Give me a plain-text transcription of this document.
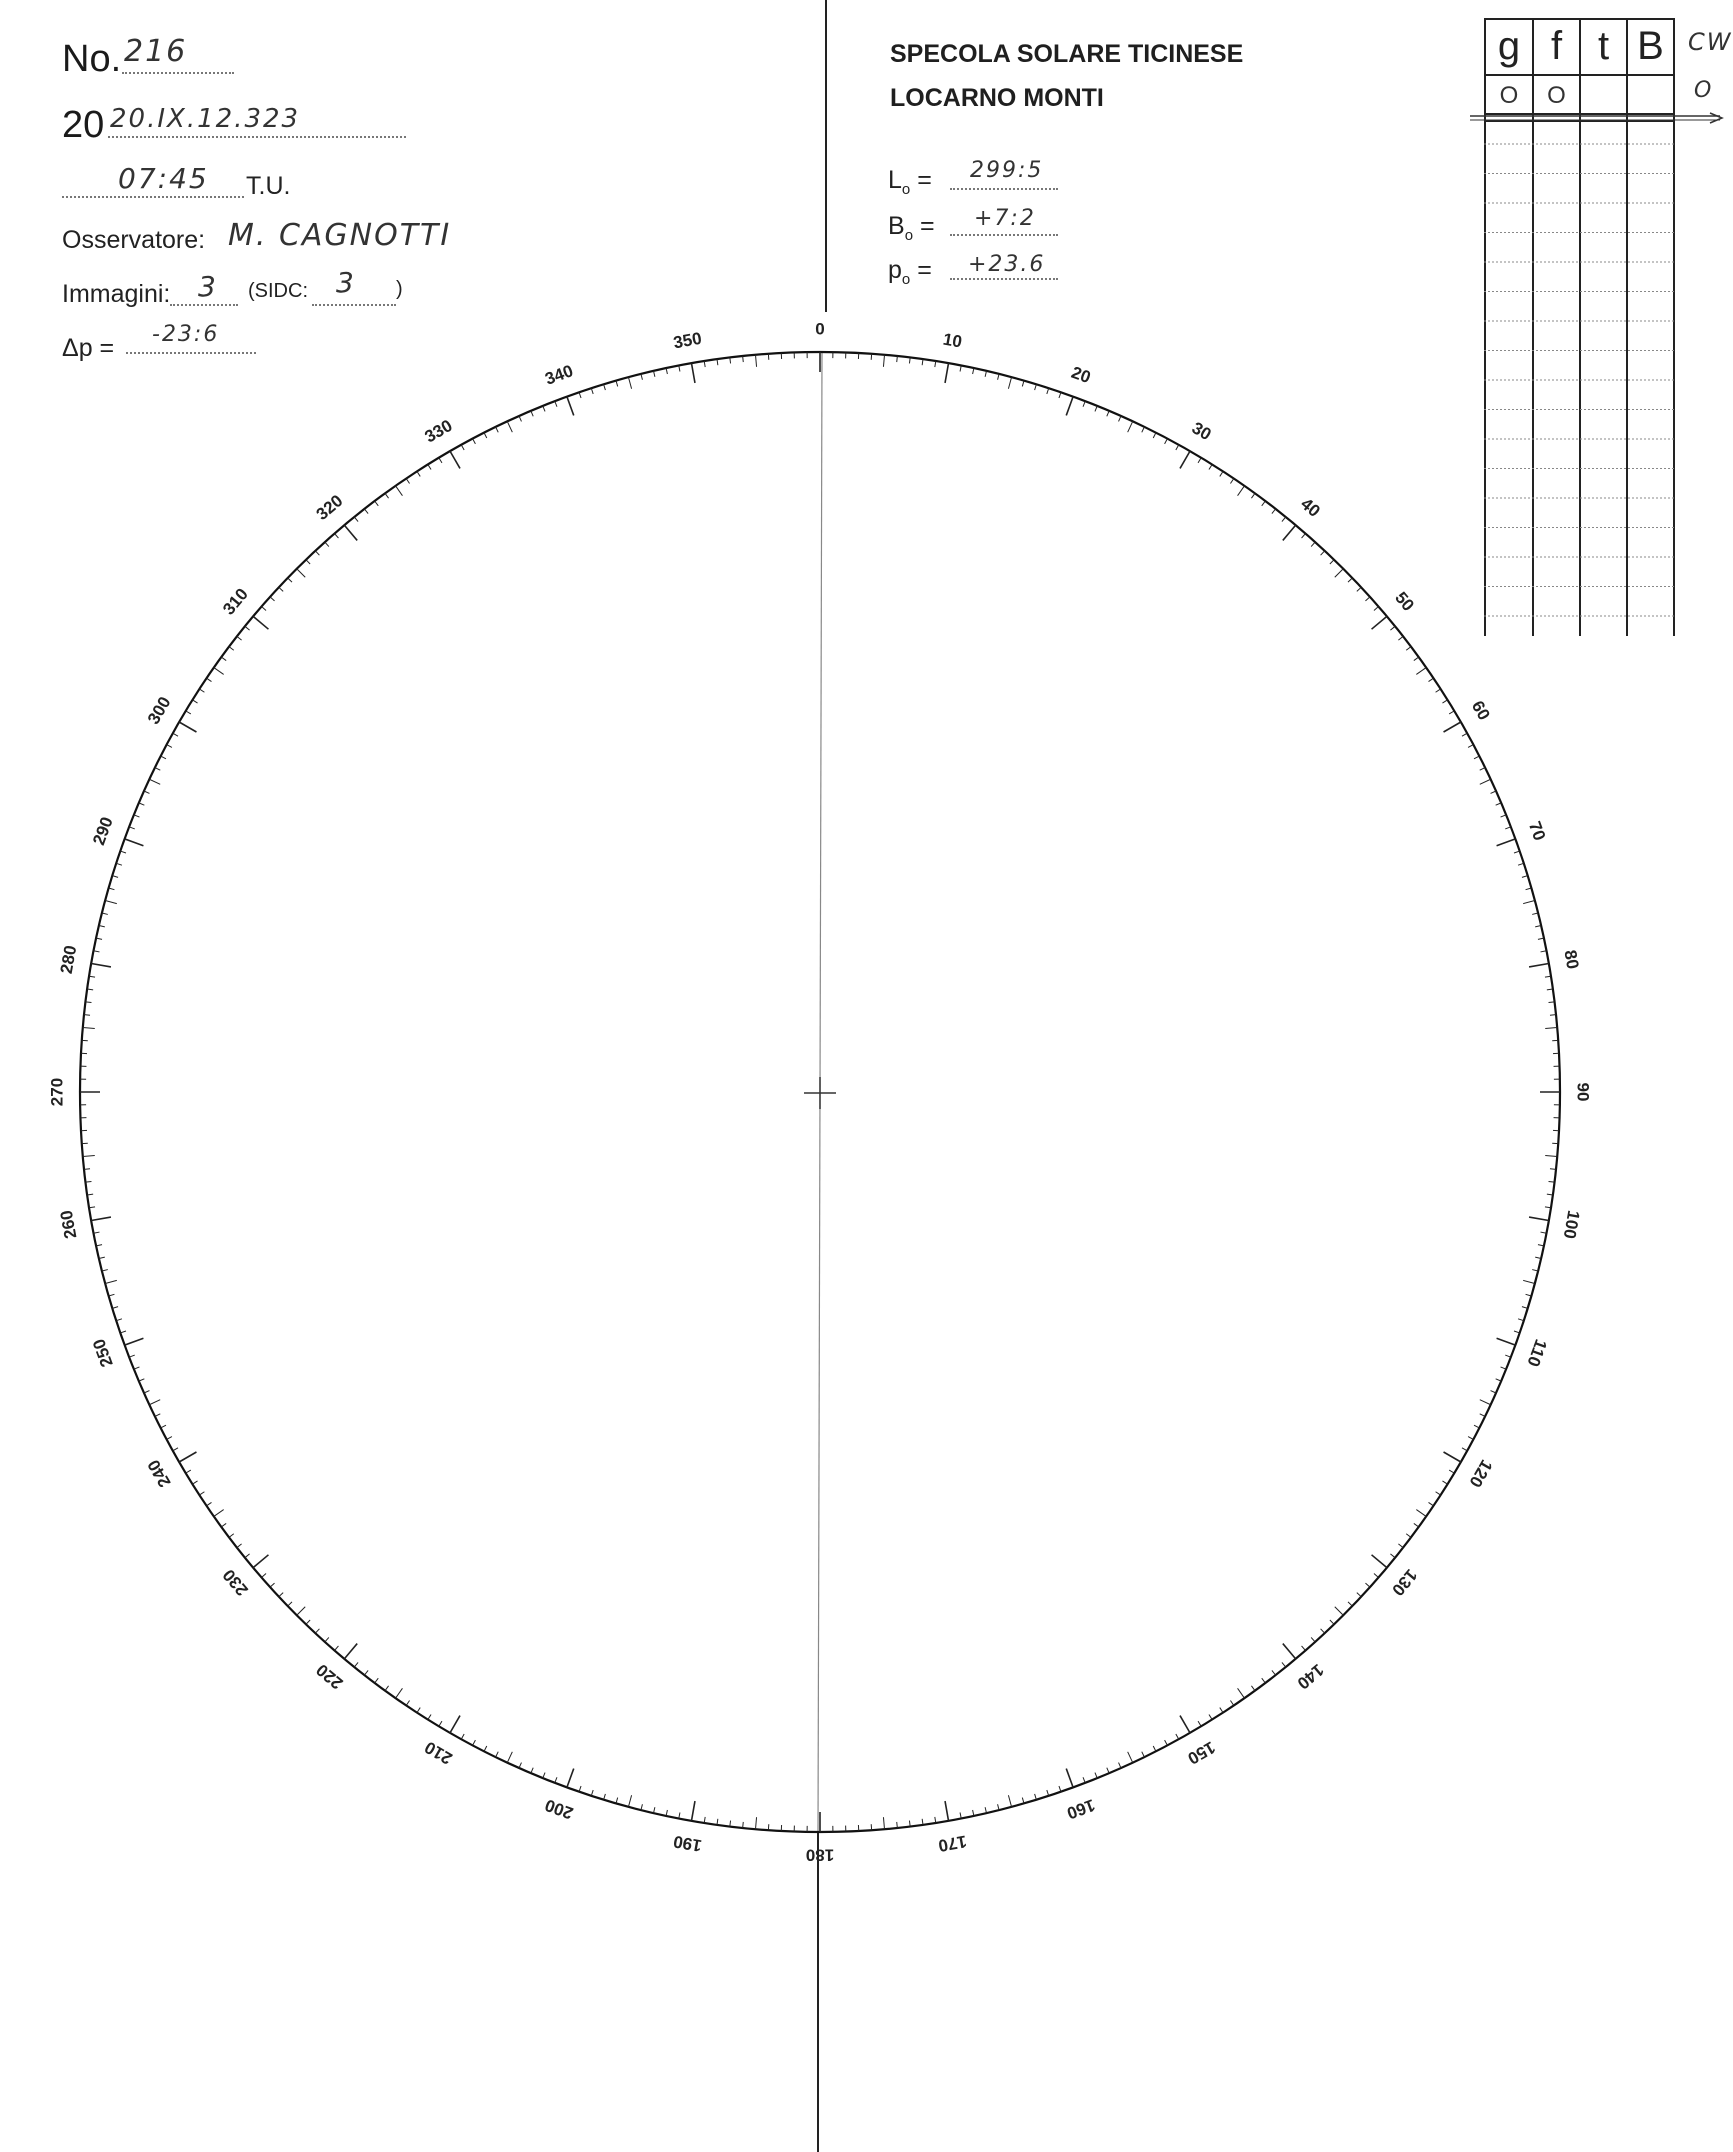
No. 216
20 20.IX.12.323
07:45 T.U.
Osservatore: M. CAGNOTTI
Immagini: 3 (SIDC: 3 )
Δp = -23:6
SPECOLA SOLARE TICINESE
LOCARNO MONTI
$L_o$ = 299:5
$B_o$ = +7:2
$p_o = +23.6$
g f t B
O	O
CW
O
0
10
20
30
40
50
60
70
80
90
100
110
120
130
140
150
160
170
180
190
200
210
220
230
240
250
260
270
280
290
300
310
320
330
340
350
